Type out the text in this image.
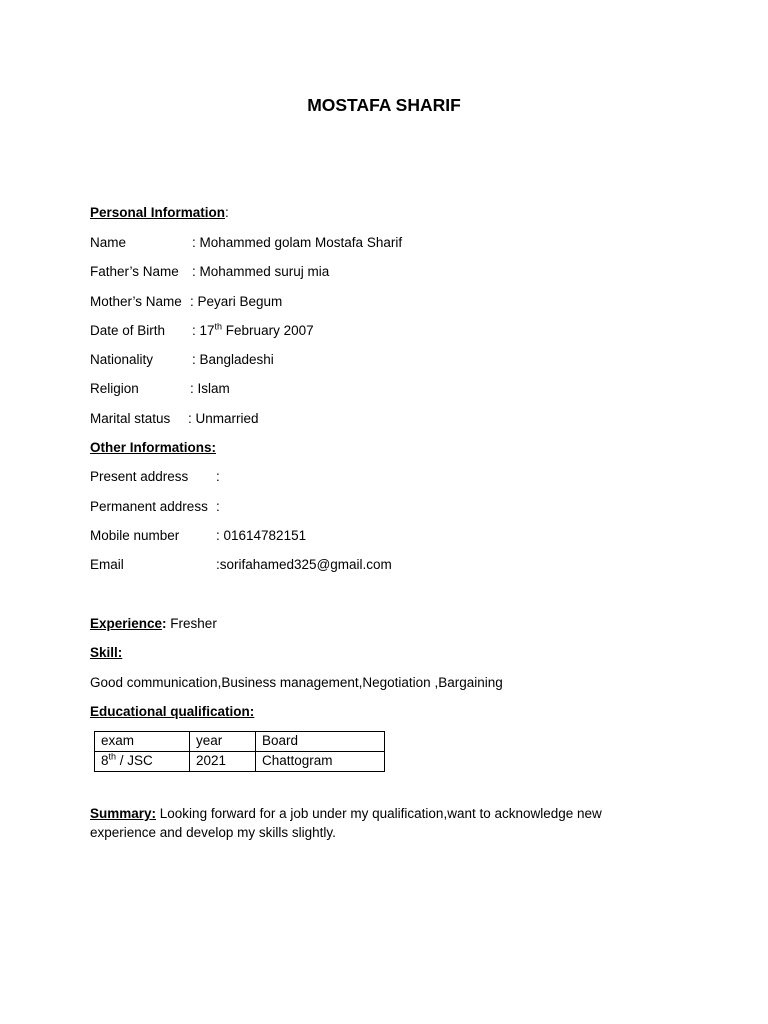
MOSTAFA SHARIF
Personal Information:
Name	: Mohammed golam Mostafa Sharif
Father’s Name : Mohammed suruj mia
Mother’s Name : Peyari Begum
Date of Birth : 17th February 2007
Nationality	: Bangladeshi
Religion	: Islam
Marital status : Unmarried
Other Informations:
Present address :
Permanent address :
Mobile number	: 01614782151
Email	:sorifahamed325@gmail.com
Experience: Fresher
Skill:
Good communication,Business management,Negotiation ,Bargaining
Educational qualification:
exam	year	Board
8th / JSC	2021	Chattogram
Summary: Looking forward for a job under my qualification,want to acknowledge new experience and develop my skills slightly.
